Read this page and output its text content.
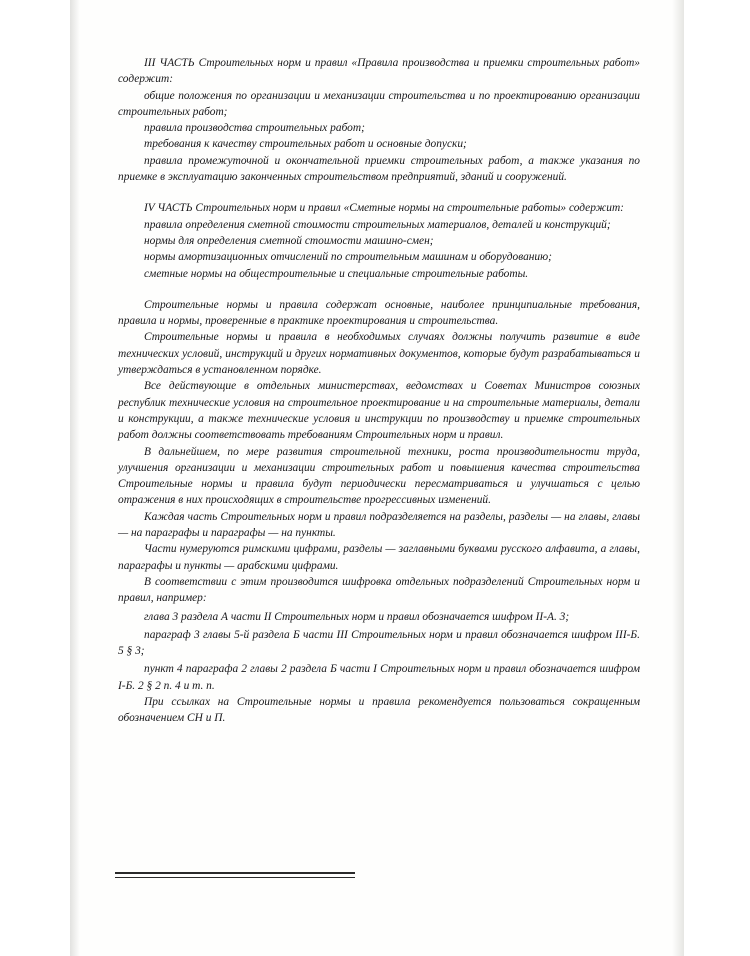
III ЧАСТЬ Строительных норм и правил «Правила производства и приемки строительных работ» содержит:

общие положения по организации и механизации строительства и по проектированию организации строительных работ;

правила производства строительных работ;

требования к качеству строительных работ и основные допуски;

правила промежуточной и окончательной приемки строительных работ, а также указания по приемке в эксплуатацию законченных строительством предприятий, зданий и сооружений.

IV ЧАСТЬ Строительных норм и правил «Сметные нормы на строительные работы» содержит:

правила определения сметной стоимости строительных материалов, деталей и конструкций;

нормы для определения сметной стоимости машино-смен;

нормы амортизационных отчислений по строительным машинам и оборудованию;

сметные нормы на общестроительные и специальные строительные работы.

Строительные нормы и правила содержат основные, наиболее принципиальные требования, правила и нормы, проверенные в практике проектирования и строительства.

Строительные нормы и правила в необходимых случаях должны получить развитие в виде технических условий, инструкций и других нормативных документов, которые будут разрабатываться и утверждаться в установленном порядке.

Все действующие в отдельных министерствах, ведомствах и Советах Министров союзных республик технические условия на строительное проектирование и на строительные материалы, детали и конструкции, а также технические условия и инструкции по производству и приемке строительных работ должны соответствовать требованиям Строительных норм и правил.

В дальнейшем, по мере развития строительной техники, роста производительности труда, улучшения организации и механизации строительных работ и повышения качества строительства Строительные нормы и правила будут периодически пересматриваться и улучшаться с целью отражения в них происходящих в строительстве прогрессивных изменений.

Каждая часть Строительных норм и правил подразделяется на разделы, разделы — на главы, главы — на параграфы и параграфы — на пункты.

Части нумеруются римскими цифрами, разделы — заглавными буквами русского алфавита, а главы, параграфы и пункты — арабскими цифрами.

В соответствии с этим производится шифровка отдельных подразделений Строительных норм и правил, например:

глава 3 раздела А части II Строительных норм и правил обозначается шифром II-А. 3;

параграф 3 главы 5-й раздела Б части III Строительных норм и правил обозначается шифром III-Б. 5 § 3;

пункт 4 параграфа 2 главы 2 раздела Б части I Строительных норм и правил обозначается шифром I-Б. 2 § 2 п. 4 и т. п.

При ссылках на Строительные нормы и правила рекомендуется пользоваться сокращенным обозначением СН и П.
